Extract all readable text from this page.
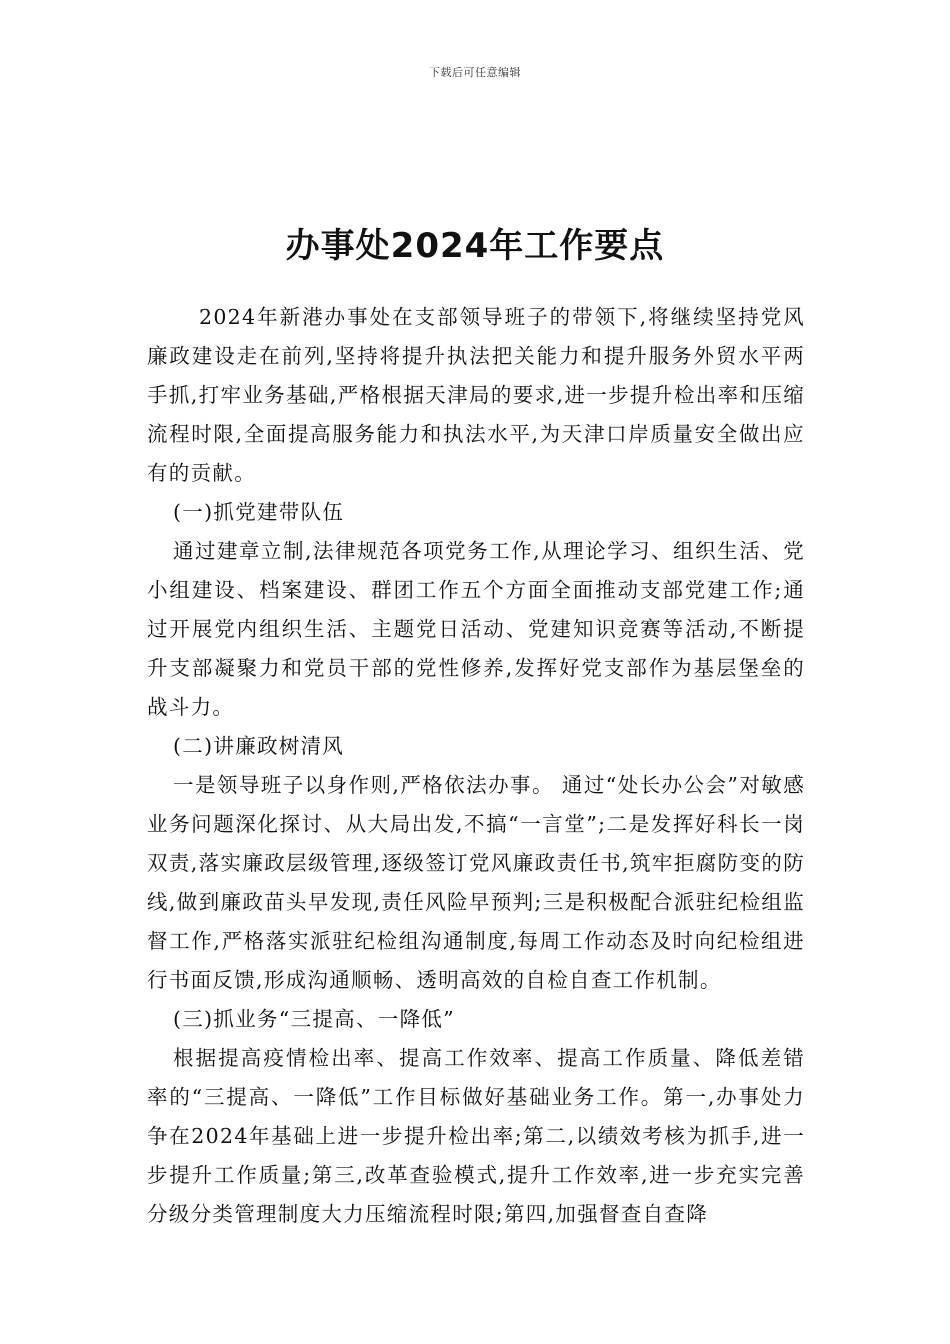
下载后可任意编辑
办事处2024年工作要点

2024年新港办事处在支部领导班子的带领下,将继续坚持党风廉政建设走在前列,坚持将提升执法把关能力和提升服务外贸水平两手抓,打牢业务基础,严格根据天津局的要求,进一步提升检出率和压缩流程时限,全面提高服务能力和执法水平,为天津口岸质量安全做出应有的贡献。

(一)抓党建带队伍

通过建章立制,法律规范各项党务工作,从理论学习、组织生活、党小组建设、档案建设、群团工作五个方面全面推动支部党建工作;通过开展党内组织生活、主题党日活动、党建知识竞赛等活动,不断提升支部凝聚力和党员干部的党性修养,发挥好党支部作为基层堡垒的战斗力。

(二)讲廉政树清风

一是领导班子以身作则,严格依法办事。 通过“处长办公会”对敏感业务问题深化探讨、从大局出发,不搞“一言堂”;二是发挥好科长一岗双责,落实廉政层级管理,逐级签订党风廉政责任书,筑牢拒腐防变的防线,做到廉政苗头早发现,责任风险早预判;三是积极配合派驻纪检组监督工作,严格落实派驻纪检组沟通制度,每周工作动态及时向纪检组进行书面反馈,形成沟通顺畅、透明高效的自检自查工作机制。

(三)抓业务“三提高、一降低”

根据提高疫情检出率、提高工作效率、提高工作质量、降低差错率的“三提高、一降低”工作目标做好基础业务工作。第一,办事处力争在2024年基础上进一步提升检出率;第二,以绩效考核为抓手,进一步提升工作质量;第三,改革查验模式,提升工作效率,进一步充实完善分级分类管理制度大力压缩流程时限;第四,加强督查自查降
